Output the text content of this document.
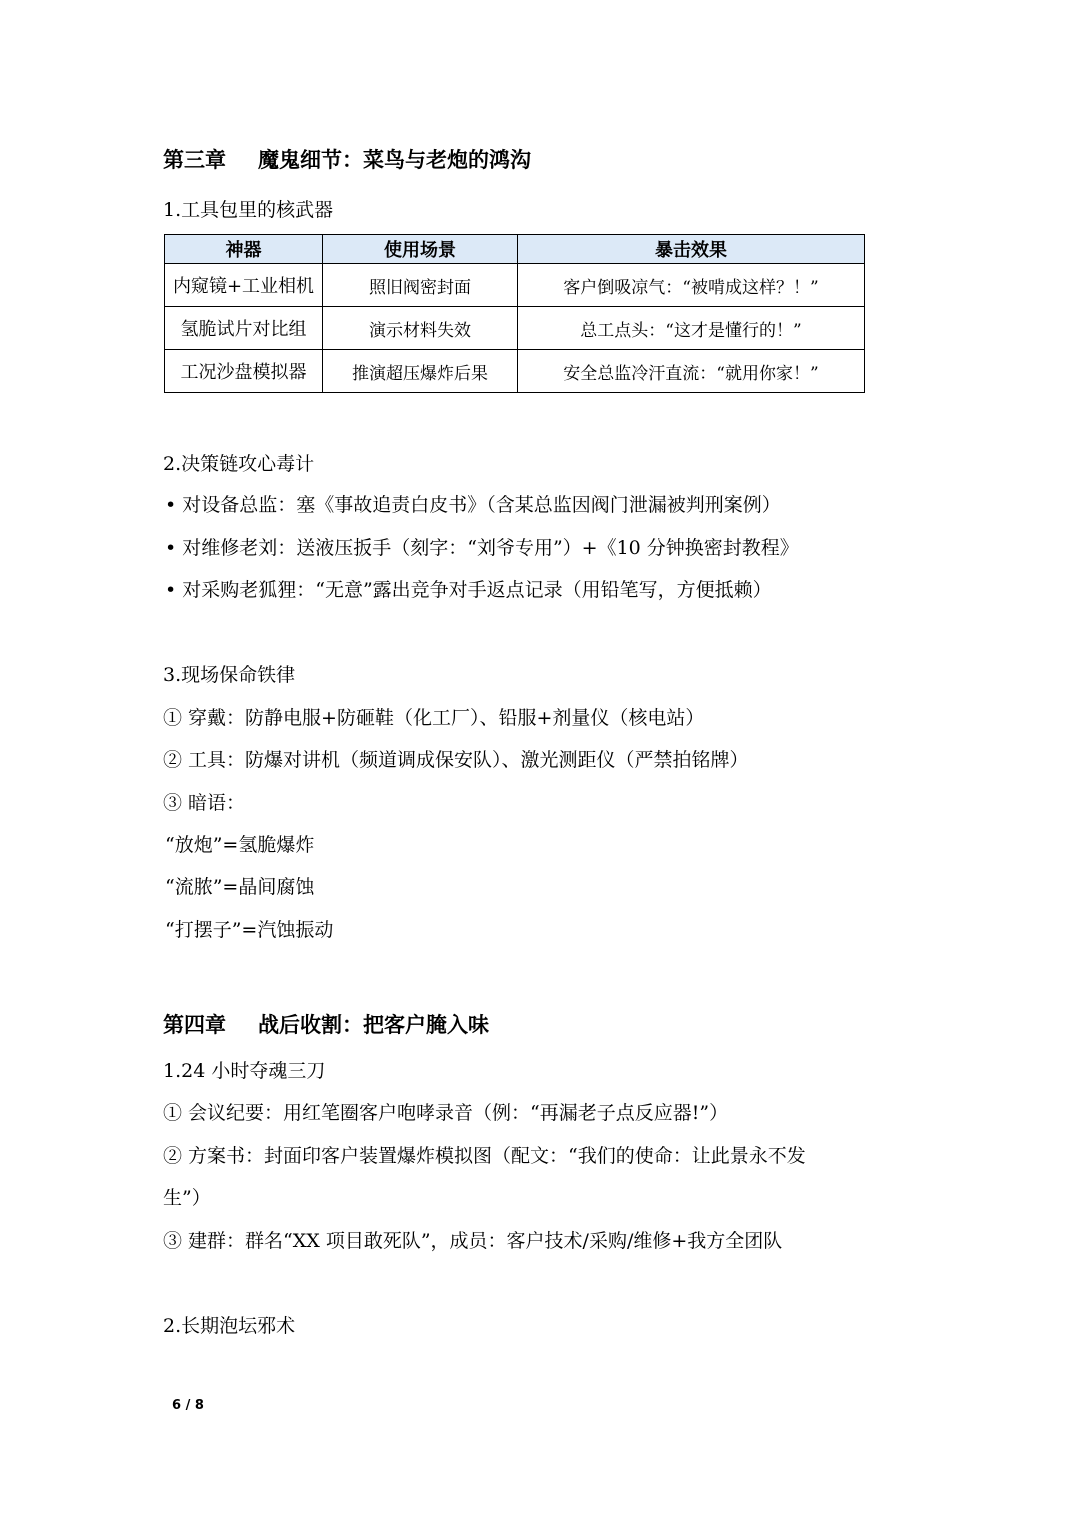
第三章 魔鬼细节：菜鸟与老炮的鸿沟

1.工具包里的核武器

神器	使用场景	暴击效果
内窥镜+工业相机	照旧阀密封面	客户倒吸凉气：“被啃成这样？！”
氢脆试片对比组	演示材料失效	总工点头：“这才是懂行的！”
工况沙盘模拟器	推演超压爆炸后果	安全总监冷汗直流：“就用你家！”

2.决策链攻心毒计

• 对设备总监：塞《事故追责白皮书》（含某总监因阀门泄漏被判刑案例）

• 对维修老刘：送液压扳手（刻字：“刘爷专用”）+《10 分钟换密封教程》

• 对采购老狐狸：“无意”露出竞争对手返点记录（用铅笔写，方便抵赖）

3.现场保命铁律

① 穿戴：防静电服+防砸鞋（化工厂）、铅服+剂量仪（核电站）

② 工具：防爆对讲机（频道调成保安队）、激光测距仪（严禁拍铭牌）

③ 暗语：

“放炮”=氢脆爆炸

“流脓”=晶间腐蚀

“打摆子”=汽蚀振动

第四章 战后收割：把客户腌入味

1.24 小时夺魂三刀

① 会议纪要：用红笔圈客户咆哮录音（例：“再漏老子点反应器!”）

② 方案书：封面印客户装置爆炸模拟图（配文：“我们的使命：让此景永不发

生”）

③ 建群：群名“XX 项目敢死队”，成员：客户技术/采购/维修+我方全团队

2.长期泡坛邪术

6 / 8
